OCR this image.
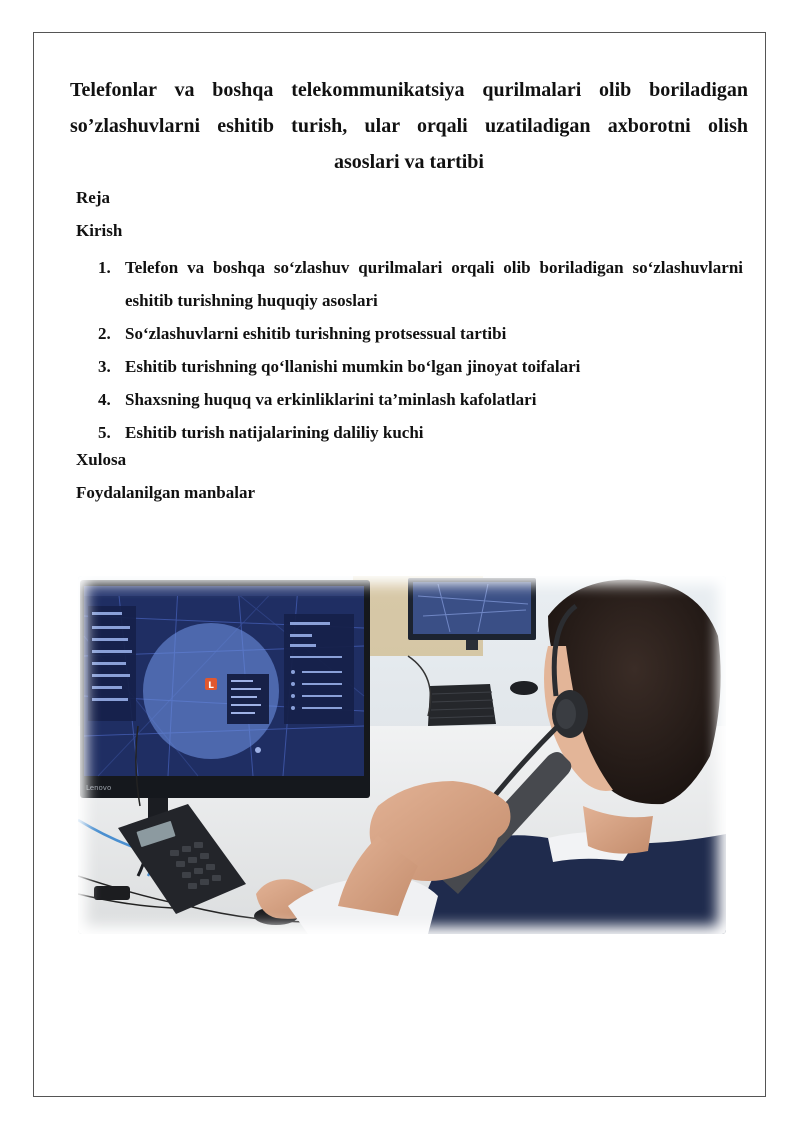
Telefonlar va boshqa telekommunikatsiya qurilmalari olib boriladigan
so’zlashuvlarni eshitib turish, ular orqali uzatiladigan axborotni olish
asoslari va tartibi
Reja
Kirish
1. Telefon va boshqa so‘zlashuv qurilmalari orqali olib boriladigan so‘zlashuvlarni eshitib turishning huquqiy asoslari
2. So‘zlashuvlarni eshitib turishning protsessual tartibi
3. Eshitib turishning qo‘llanishi mumkin bo‘lgan jinoyat toifalari
4. Shaxsning huquq va erkinliklarini ta’minlash kafolatlari
5. Eshitib turish natijalarining daliliy kuchi
Xulosa
Foydalanilgan manbalar
L
Lenovo
